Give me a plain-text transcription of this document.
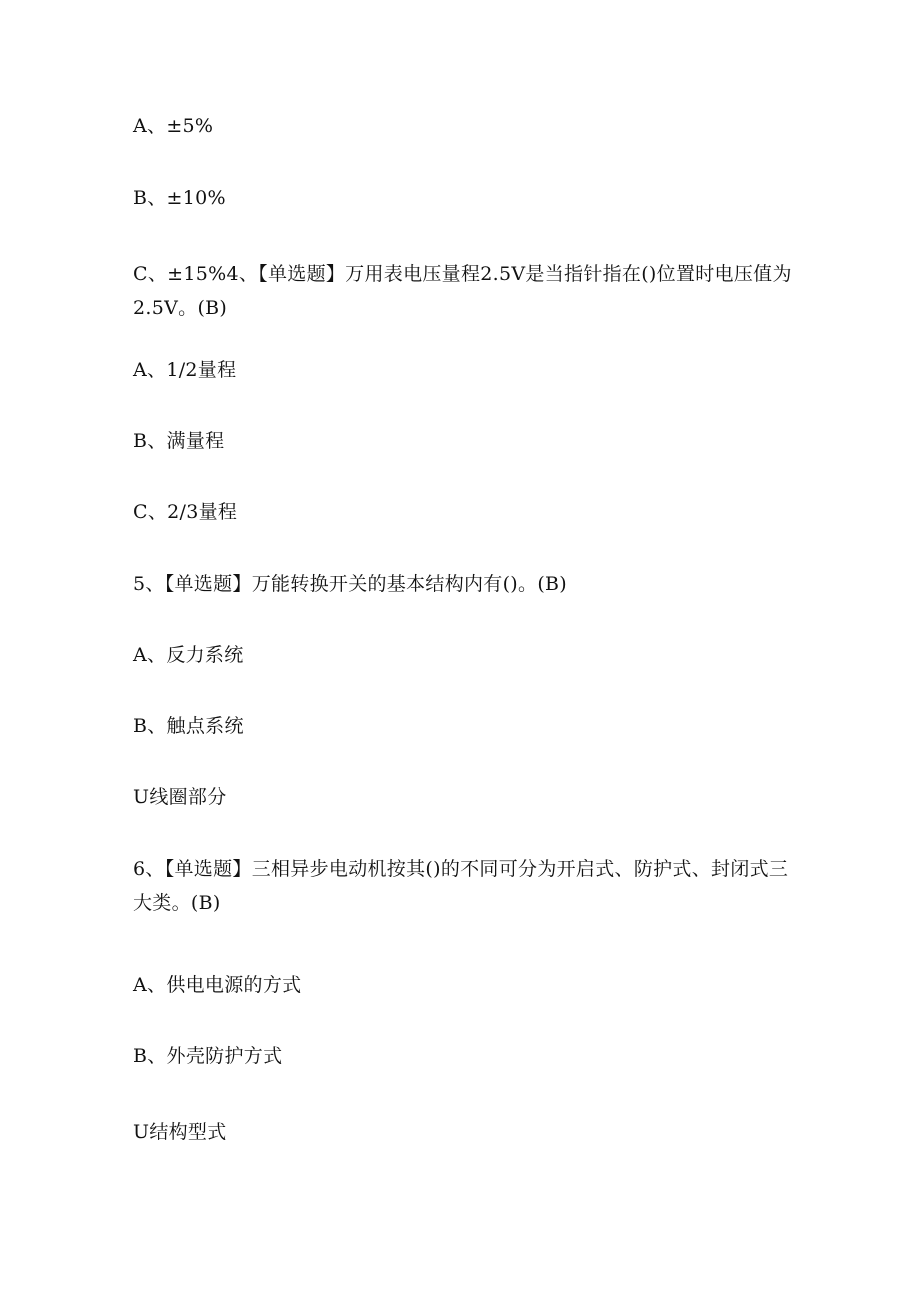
A、±5%
B、±10%
C、±15%4、【单选题】万用表电压量程2.5V是当指针指在()位置时电压值为2.5V。(B)
A、1/2量程
B、满量程
C、2/3量程
5、【单选题】万能转换开关的基本结构内有()。(B)
A、反力系统
B、触点系统
U线圈部分
6、【单选题】三相异步电动机按其()的不同可分为开启式、防护式、封闭式三大类。(B)
A、供电电源的方式
B、外壳防护方式
U结构型式
